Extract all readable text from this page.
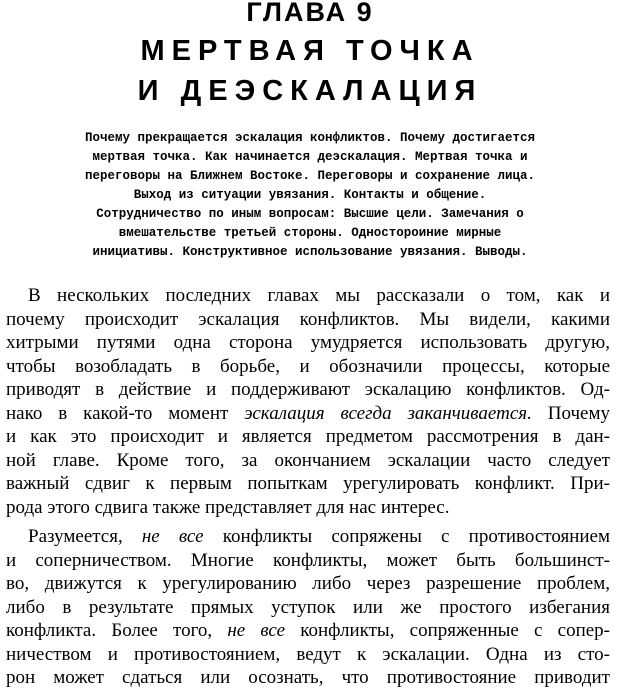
ГЛАВА 9
МЕРТВАЯ ТОЧКА
И ДЕЭСКАЛАЦИЯ
Почему прекращается эскалация конфликтов. Почему достигается
мертвая точка. Как начинается деэскалация. Мертвая точка и
переговоры на Ближнем Востоке. Переговоры и сохранение лица.
Выход из ситуации увязания. Контакты и общение.
Сотрудничество по иным вопросам: Высшие цели. Замечания о
вмешательстве третьей стороны. Одностороиние мирные
инициативы. Конструктивное использование увязания. Выводы.
В нескольких последних главах мы рассказали о том, как и
почему происходит эскалация конфликтов. Мы видели, какими
хитрыми путями одна сторона умудряется использовать другую,
чтобы возобладать в борьбе, и обозначили процессы, которые
приводят в действие и поддерживают эскалацию конфликтов. Од-
нако в какой-то момент эскалация всегда заканчивается. Почему
и как это происходит и является предметом рассмотрения в дан-
ной главе. Кроме того, за окончанием эскалации часто следует
важный сдвиг к первым попыткам урегулировать конфликт. При-
рода этого сдвига также представляет для нас интерес.
Разумеется, не все конфликты сопряжены с противостоянием
и соперничеством. Многие конфликты, может быть большинст-
во, движутся к урегулированию либо через разрешение проблем,
либо в результате прямых уступок или же простого избегания
конфликта. Более того, не все конфликты, сопряженные с сопер-
ничеством и противостоянием, ведут к эскалации. Одна из сто-
рон может сдаться или осознать, что противостояние приводит
